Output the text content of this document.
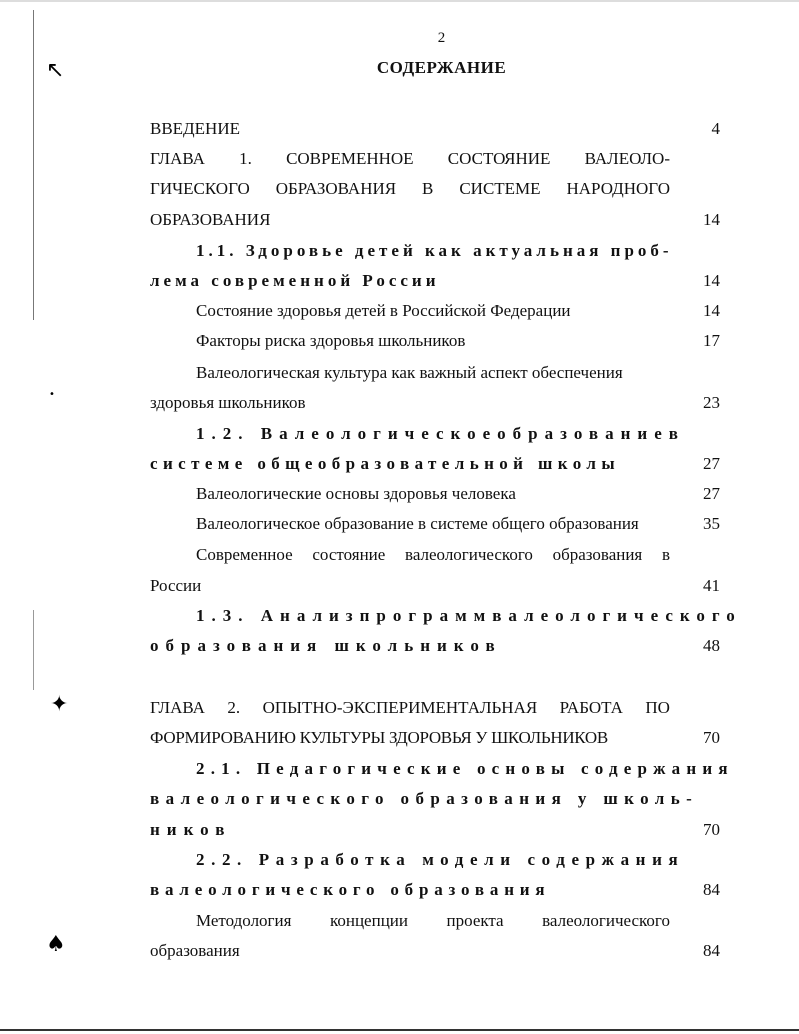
↖
•
✦
♠
2
СОДЕРЖАНИЕ
ВВЕДЕНИЕ	4
ГЛАВА 1. СОВРЕМЕННОЕ СОСТОЯНИЕ ВАЛЕОЛО-
ГИЧЕСКОГО ОБРАЗОВАНИЯ В СИСТЕМЕ НАРОДНОГО
ОБРАЗОВАНИЯ	14
1.1. Здоровье детей как актуальная проб-
лема современной России	14
Состояние здоровья детей в Российской Федерации	14
Факторы риска здоровья школьников	17
Валеологическая культура как важный аспект обеспечения
здоровья школьников	23
1.2. Валеологическое образование в
системе общеобразовательной школы	27
Валеологические основы здоровья человека	27
Валеологическое образование в системе общего образования	35
Современное состояние валеологического образования в
России	41
1.3. Анализ программ валеологического
образования школьников	48
ГЛАВА 2. ОПЫТНО-ЭКСПЕРИМЕНТАЛЬНАЯ РАБОТА ПО
ФОРМИРОВАНИЮ КУЛЬТУРЫ ЗДОРОВЬЯ У ШКОЛЬНИКОВ	70
2.1. Педагогические основы содержания
валеологического образования у школь-
ников	70
2.2. Разработка модели содержания
валеологического образования	84
Методология концепции проекта валеологического
образования	84
